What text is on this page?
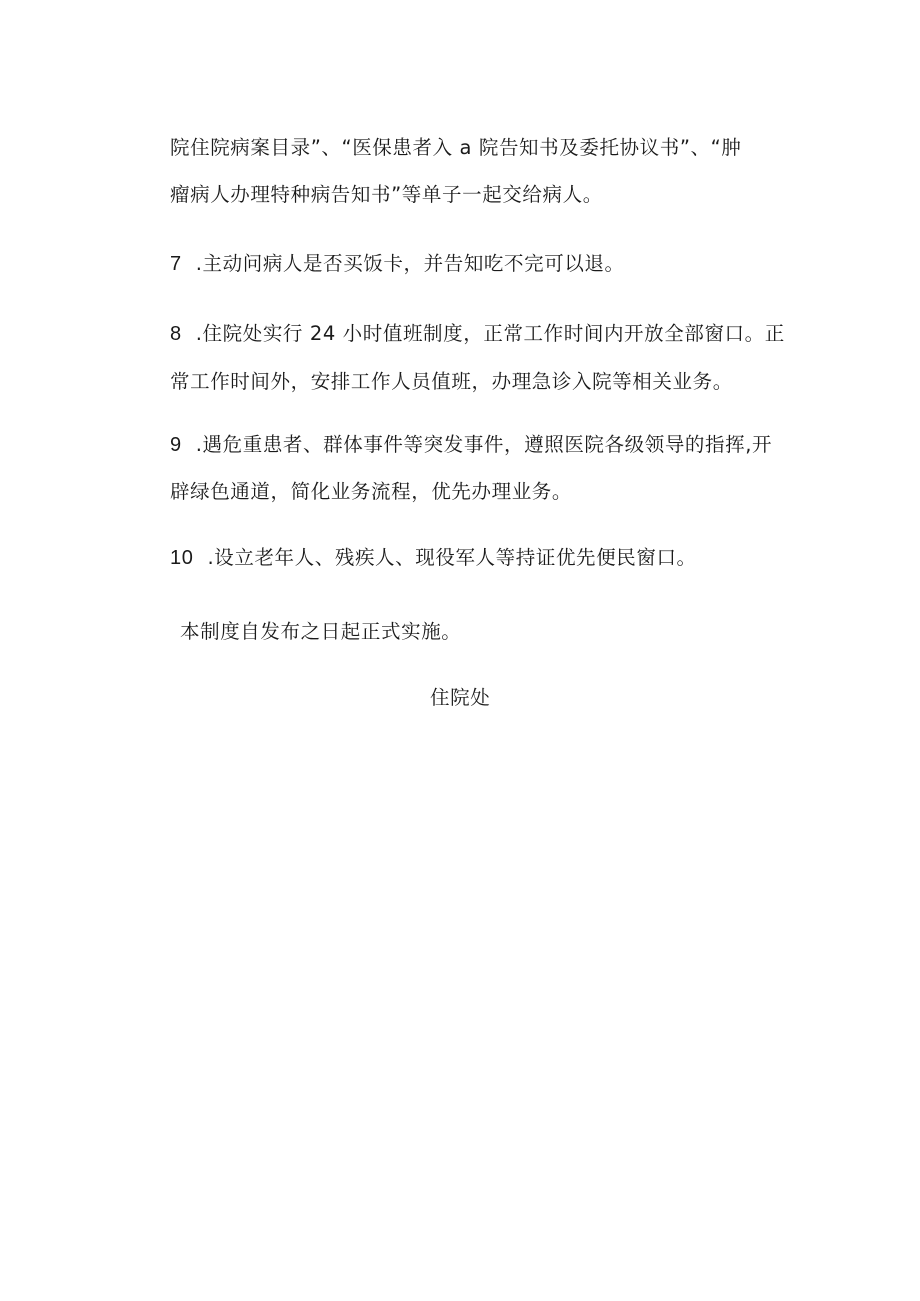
院住院病案目录”、“医保患者入 a 院告知书及委托协议书”、“肿
瘤病人办理特种病告知书”等单子一起交给病人。
7 .主动问病人是否买饭卡，并告知吃不完可以退。
8 .住院处实行 24 小时值班制度，正常工作时间内开放全部窗口。正
常工作时间外，安排工作人员值班，办理急诊入院等相关业务。
9 .遇危重患者、群体事件等突发事件，遵照医院各级领导的指挥,开
辟绿色通道，简化业务流程，优先办理业务。
10 .设立老年人、残疾人、现役军人等持证优先便民窗口。
本制度自发布之日起正式实施。
住院处
